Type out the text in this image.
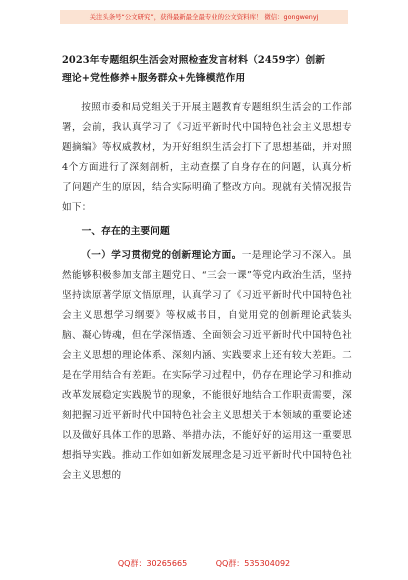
关注头条号“公文研究”，获得最新最全最专业的公文资料库！ 微信：gongwenyj
2023年专题组织生活会对照检查发言材料（2459字）创新
理论+党性修养+服务群众+先锋模范作用

按照市委和局党组关于开展主题教育专题组织生活会的工作部署，会前，我认真学习了《习近平新时代中国特色社会主义思想专题摘编》等权威教材，为开好组织生活会打下了思想基础，并对照4个方面进行了深刻剖析，主动查摆了自身存在的问题，认真分析了问题产生的原因，结合实际明确了整改方向。现就有关情况报告如下：

一、存在的主要问题

（一）学习贯彻党的创新理论方面。一是理论学习不深入。虽然能够积极参加支部主题党日、“三会一课”等党内政治生活，坚持坚持读原著学原文悟原理，认真学习了《习近平新时代中国特色社会主义思想学习纲要》等权威书目，自觉用党的创新理论武装头脑、凝心铸魂，但在学深悟透、全面领会习近平新时代中国特色社会主义思想的理论体系、深刻内涵、实践要求上还有较大差距。二是在学用结合有差距。在实际学习过程中，仍存在理论学习和推动改革发展稳定实践脱节的现象，不能很好地结合工作职责需要，深刻把握习近平新时代中国特色社会主义思想关于本领域的重要论述以及做好具体工作的思路、举措办法，不能好好的运用这一重要思想指导实践。推动工作如如新发展理念是习近平新时代中国特色社会主义思想的

QQ群：30265665	QQ群：535304092
